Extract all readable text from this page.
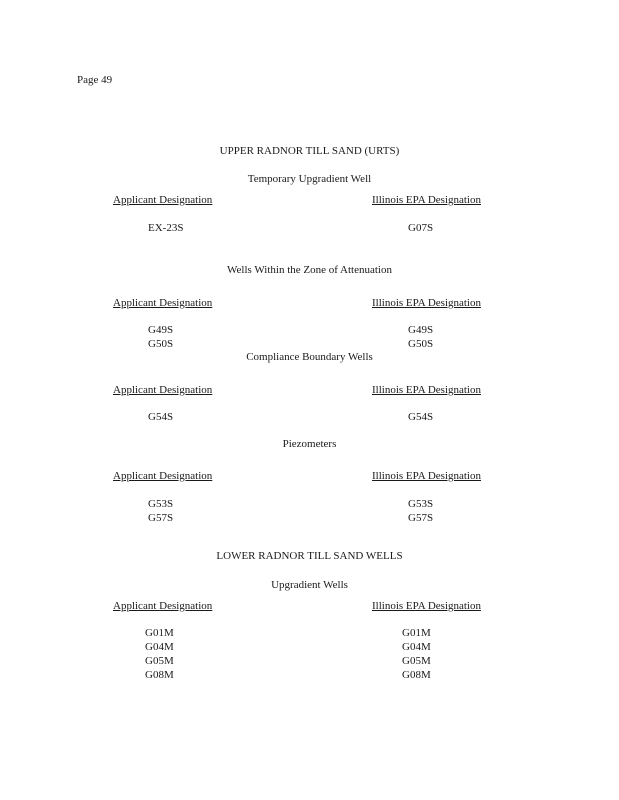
Page 49
UPPER RADNOR TILL SAND (URTS)
Temporary Upgradient Well
Applicant Designation	Illinois EPA Designation
EX-23S	G07S
Wells Within the Zone of Attenuation
Applicant Designation	Illinois EPA Designation
G49S	G49S
G50S	G50S
Compliance Boundary Wells
Applicant Designation	Illinois EPA Designation
G54S	G54S
Piezometers
Applicant Designation	Illinois EPA Designation
G53S	G53S
G57S	G57S
LOWER RADNOR TILL SAND WELLS
Upgradient Wells
Applicant Designation	Illinois EPA Designation
G01M	G01M
G04M	G04M
G05M	G05M
G08M	G08M
